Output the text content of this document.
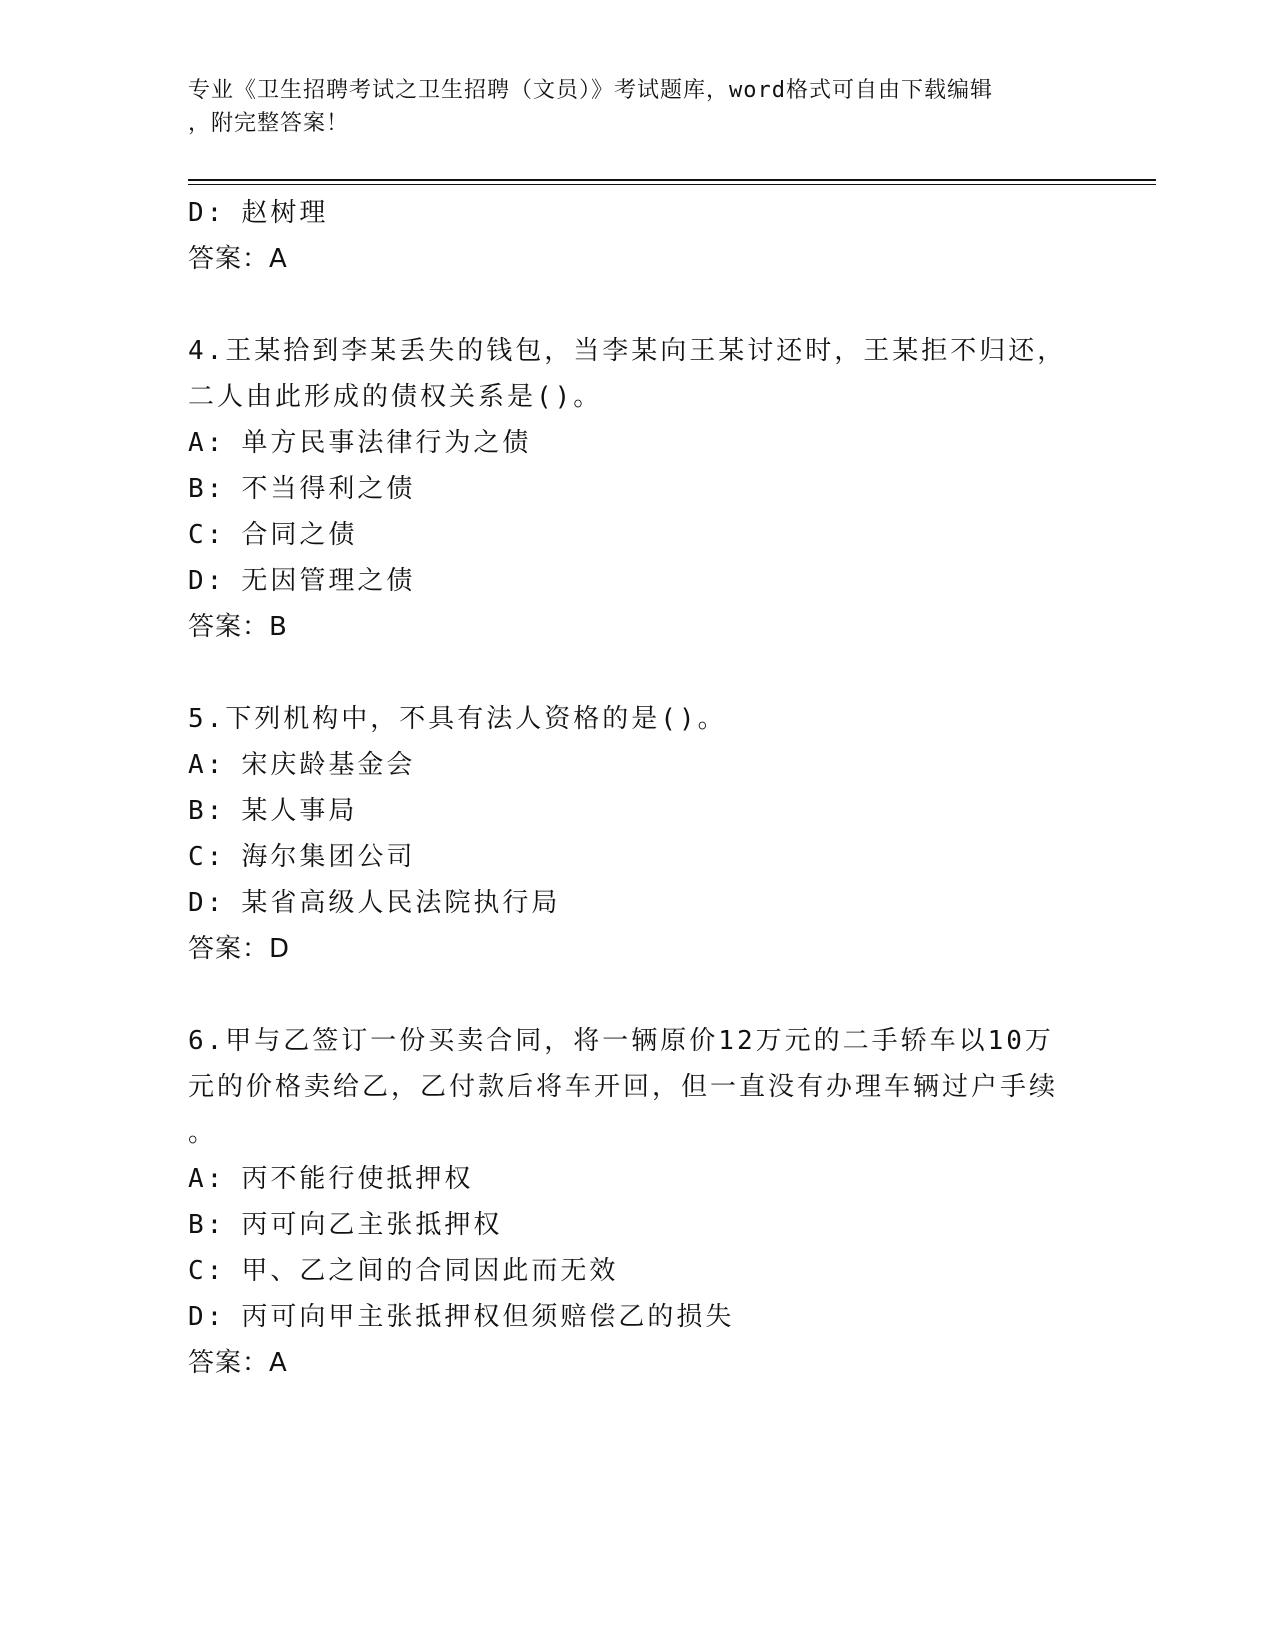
专业《卫生招聘考试之卫生招聘（文员）》考试题库，word格式可自由下载编辑
，附完整答案！
D: 赵树理
答案：A
4.王某拾到李某丢失的钱包，当李某向王某讨还时，王某拒不归还，
二人由此形成的债权关系是()。
A: 单方民事法律行为之债
B: 不当得利之债
C: 合同之债
D: 无因管理之债
答案：B
5.下列机构中，不具有法人资格的是()。
A: 宋庆龄基金会
B: 某人事局
C: 海尔集团公司
D: 某省高级人民法院执行局
答案：D
6.甲与乙签订一份买卖合同，将一辆原价12万元的二手轿车以10万
元的价格卖给乙，乙付款后将车开回，但一直没有办理车辆过户手续
。
A: 丙不能行使抵押权
B: 丙可向乙主张抵押权
C: 甲、乙之间的合同因此而无效
D: 丙可向甲主张抵押权但须赔偿乙的损失
答案：A
